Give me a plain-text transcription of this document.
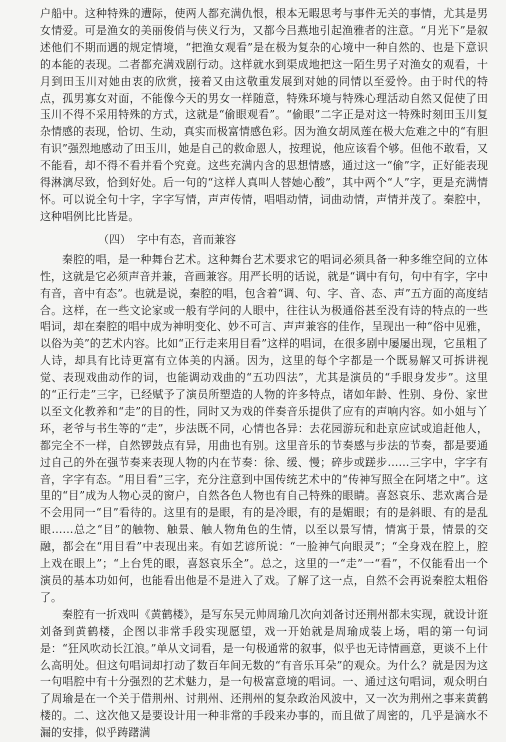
户船中。这种特殊的遭际，使两人都充满仇恨，根本无暇思考与事件无关的事情，尤其是男女情爱。可是渔女的美丽俊俏与侠义行为，又都今吕燕地引起渔雅者的注意。“月光下”是叙述他们不期而遇的规定情境，“把渔女观看”是在极为复杂的心境中一种自然的、也是下意识的本能的表现。二者都充满戏剧行动。这样就水到渠成地把这一陌生男子对渔女的观看，十月到田玉川对她由衷的欣赏，接着又由这敬重发展到对她的同情以至爱怜。由于时代的特点，孤男寡女对面，不能像今天的男女一样随意，特殊环境与特殊心理活动自然又促使了田玉川不得不采用特殊的方式，这就是“偷眼观看”。“偷眼”二字正是对这一特殊时刻田玉川复杂情感的表现，恰切、生动，真实而极富情感色彩。因为渔女胡凤莲在极大危难之中的“有胆有识”强烈地感动了田玉川，她是自己的救命恩人，按理说，他应该看个够。但他不敢看，又不能看，却不得不看并看个究竟。这些充满内含的思想情感，通过这一“偷”字，正好能表现得淋漓尽致，恰到好处。后一句的“这样人真叫人替她心酸”，其中两个“人”字，更是充满情怀。可以说全句十字，字字写情，声声传情，唱唱动情，词曲动情，声情并茂了。秦腔中，这种唱例比比皆是。

（四） 字中有态，音而兼容

秦腔的唱，是一种舞台艺术。这种舞台艺术要求它的唱词必须具备一种多维空间的立体性，这就是它必须声音并兼，音画兼容。用严长明的话说，就是“调中有句，句中有字，字中有音，音中有态”。也就是说，秦腔的唱，包含着“调、句、字、音、态、声”五方面的高度结合。这样，在一些文论家或一般有学问的人眼中，往往认为极通俗甚至没有诗的特点的一些唱词，却在秦腔的唱中成为神明变化、妙不可言、声声兼容的佳作，呈现出一种“俗中见雅，以俗为美”的艺术内容。比如“正行走来用目看”这样的唱词，在很多剧中屡屡出现，它虽粗了人诗，却具有比诗更富有立体美的内涵。因为，这里的每个字都是一个既易解又可拆讲视觉、表现戏曲动作的词，也能调动戏曲的“五功四法”，尤其是演员的“手眼身发步”。这里的“正行走”三字，已经赋予了演员所塑造的人物的许多特点，诸如年龄、性别、身份、家世以至文化教养和“走”的目的性，同时又为戏的伴奏音乐提供了应有的声响内容。如小姐与丫环，老爷与书生等的“走”，步法既不同，心情也各异：去花园游玩和赴京应试或追赶他人，都完全不一样，自然锣鼓点有异，用曲也有别。这里音乐的节奏感与步法的节奏，都是要通过自己的外在强节奏来表现人物的内在节奏：徐、缓、慢；碎步或蹉步……三字中，字字有音，字字有态。“用目看”三字，充分注意到中国传统艺术中的“传神写照全在阿堵之中”。这里的“目”成为人物心灵的窗户，自然各色人物也有自己特殊的眼睛。喜怒哀乐、悲欢离合是不会用同一“目”看待的。这里有的是眼，有的是冷眼，有的是媚眼；有的是斜眼、有的是乱眼……总之“目”的触物、触景、触人物角色的生情，以至以景写情，情寓于景，情景的交融，都会在“用目看”中表现出来。有如艺谚所说：“一脸神气向眼灵”；“全身戏在腔上，腔上戏在眼上”；“上台凭的眼，喜怒哀乐全”。总之，这里的一“走”一“看”，不仅能看出一个演员的基本功如何，也能看出他是不是进入了戏。了解了这一点，自然不会再说秦腔太粗俗了。

秦腔有一折戏叫《黄鹤楼》，是写东吴元帅周瑜几次向刘备讨还荆州都未实现，就设计诳刘备到黄鹤楼，企图以非常手段实现愿望，戏一开始就是周瑜成装上场，唱的第一句词是：“狂风吹动长江浪。”单从文词看，是一句极通常的叙事，似乎也无诗情画意，更谈不上什么高明处。但这句唱词却打动了数百年间无数的“有音乐耳朵”的观众。为什么？就是因为这一句唱腔中有十分强烈的艺术魅力，是一句极富意境的唱词。一、通过这句唱词，观众明白了周瑜是在一个关于借荆州、讨荆州、还荆州的复杂政治风波中，又一次为荆州之事来黄鹤楼的。二、这次他又是要设计用一种非常的手段来办事的，而且做了周密的，几乎是滴水不漏的安排，似乎踌躇满
